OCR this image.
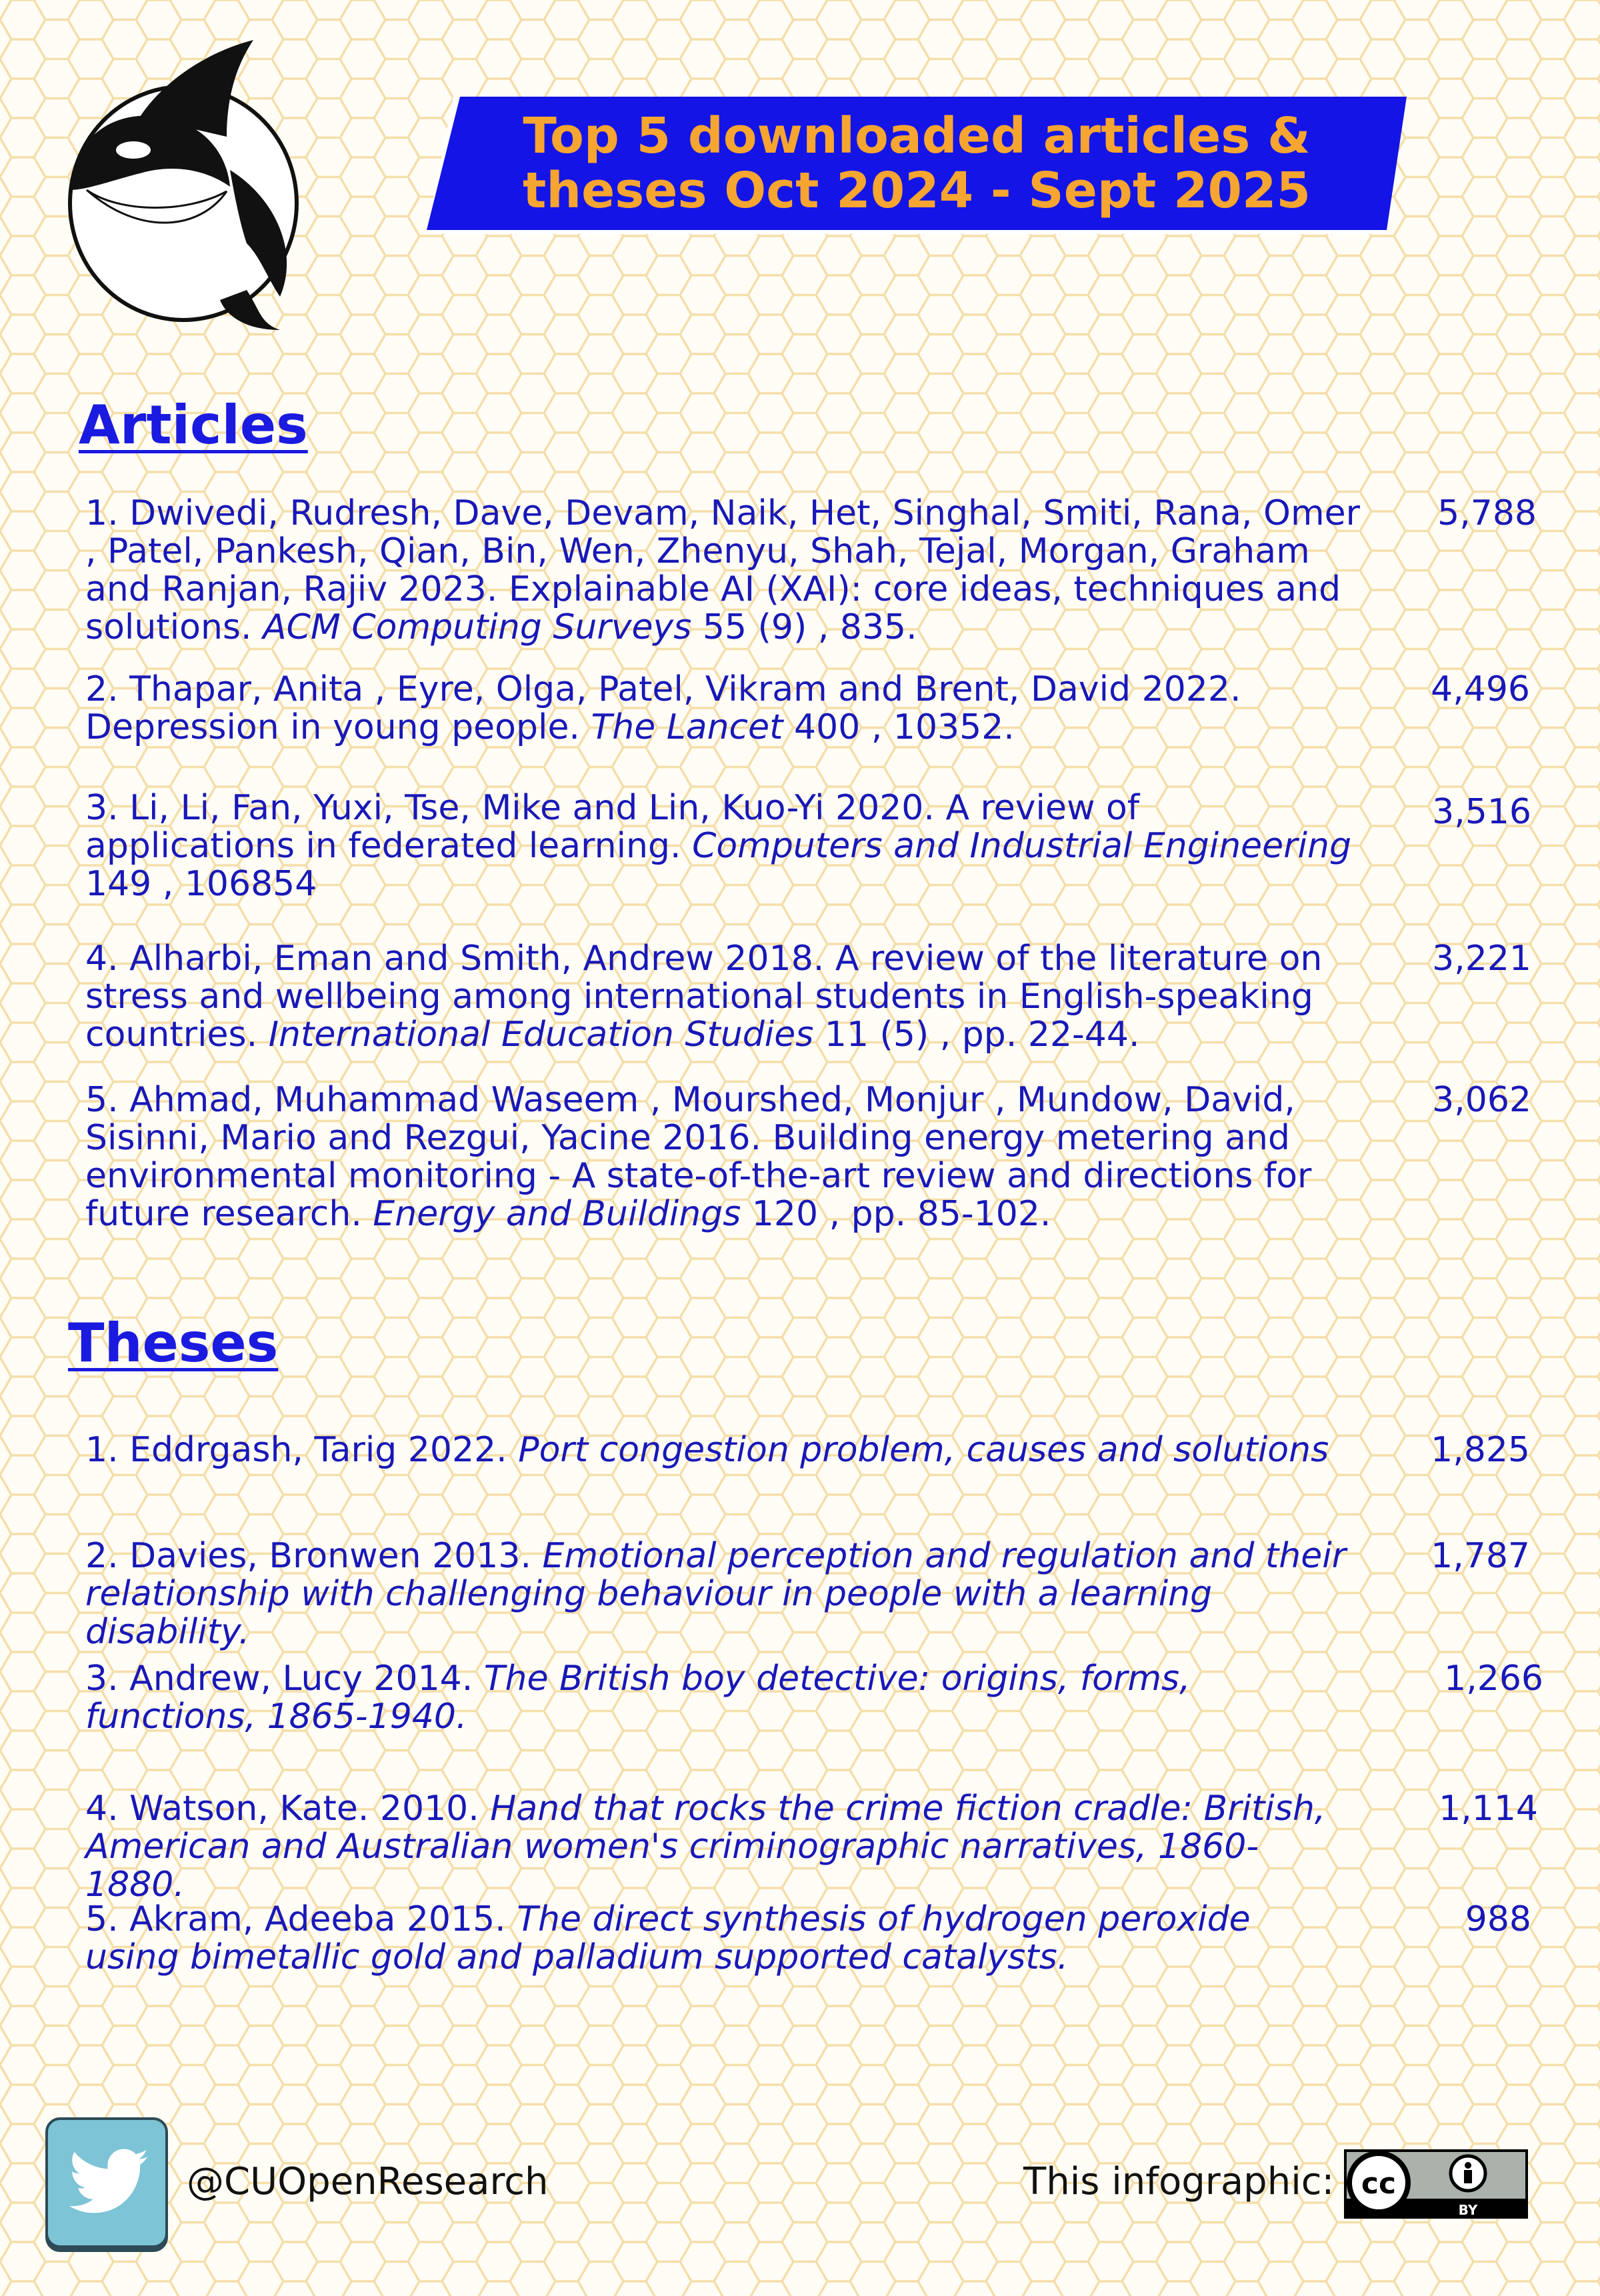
Top 5 downloaded articles &
theses Oct 2024 - Sept 2025
Articles
1. Dwivedi, Rudresh, Dave, Devam, Naik, Het, Singhal, Smiti, Rana, Omer , Patel, Pankesh, Qian, Bin, Wen, Zhenyu, Shah, Tejal, Morgan, Graham and Ranjan, Rajiv 2023. Explainable AI (XAI): core ideas, techniques and solutions. ACM Computing Surveys 55 (9) , 835.
5,788
2. Thapar, Anita , Eyre, Olga, Patel, Vikram and Brent, David 2022. Depression in young people. The Lancet 400 , 10352.
4,496
3. Li, Li, Fan, Yuxi, Tse, Mike and Lin, Kuo-Yi 2020. A review of applications in federated learning. Computers and Industrial Engineering 149 , 106854
3,516
4. Alharbi, Eman and Smith, Andrew 2018. A review of the literature on stress and wellbeing among international students in English-speaking countries. International Education Studies 11 (5) , pp. 22-44.
3,221
5. Ahmad, Muhammad Waseem , Mourshed, Monjur , Mundow, David, Sisinni, Mario and Rezgui, Yacine 2016. Building energy metering and environmental monitoring - A state-of-the-art review and directions for future research. Energy and Buildings 120 , pp. 85-102.
3,062
Theses
1. Eddrgash, Tarig 2022. Port congestion problem, causes and solutions	1,825
2. Davies, Bronwen 2013. Emotional perception and regulation and their relationship with challenging behaviour in people with a learning disability.
1,787
3. Andrew, Lucy 2014. The British boy detective: origins, forms, functions, 1865-1940.
1,266
4. Watson, Kate. 2010. Hand that rocks the crime fiction cradle: British, American and Australian women's criminographic narratives, 1860-1880.
1,114
5. Akram, Adeeba 2015. The direct synthesis of hydrogen peroxide using bimetallic gold and palladium supported catalysts.
988
@CUOpenResearch	This infographic: cc
BY
